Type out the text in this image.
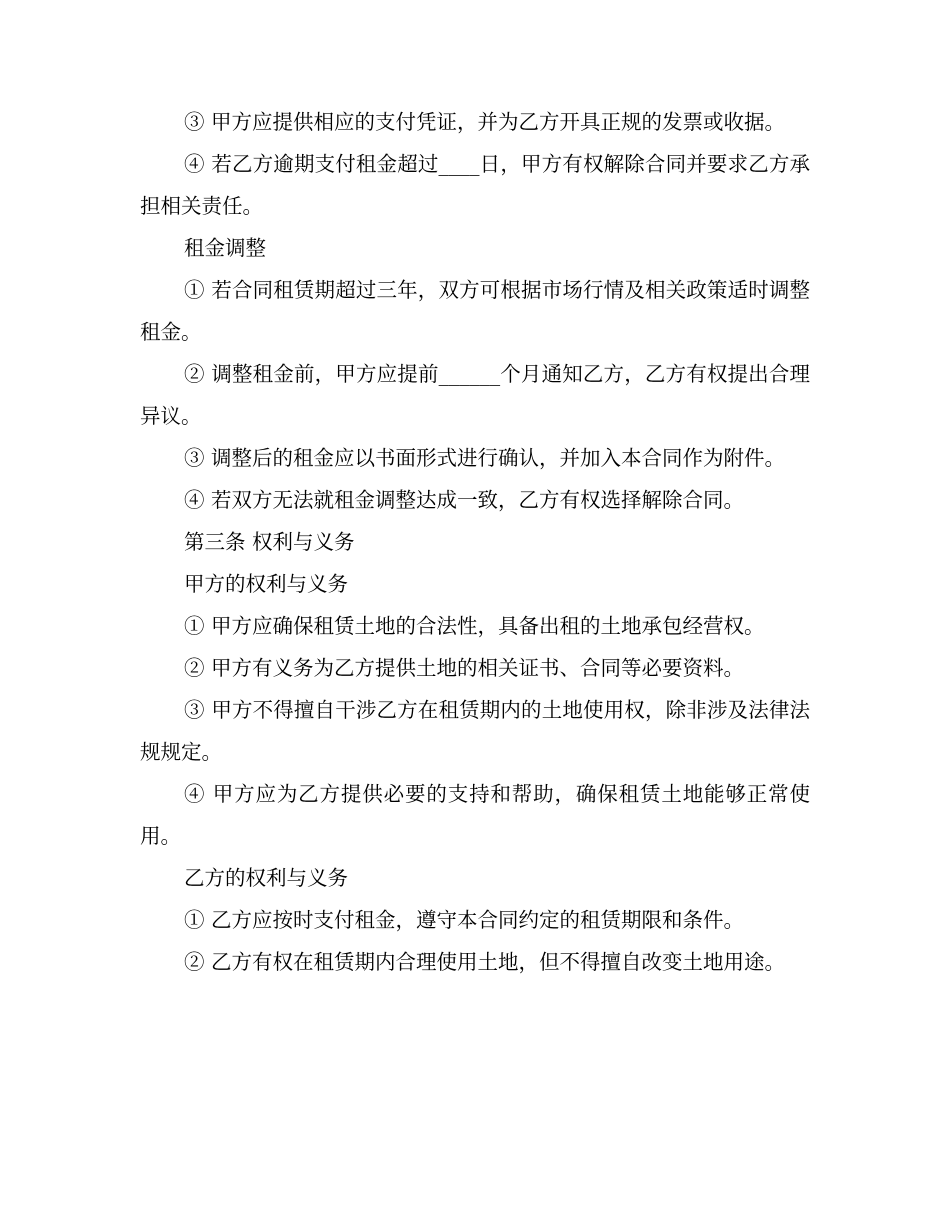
③ 甲方应提供相应的支付凭证，并为乙方开具正规的发票或收据。

④ 若乙方逾期支付租金超过____日，甲方有权解除合同并要求乙方承担相关责任。

租金调整

① 若合同租赁期超过三年，双方可根据市场行情及相关政策适时调整租金。

② 调整租金前，甲方应提前______个月通知乙方，乙方有权提出合理异议。

③ 调整后的租金应以书面形式进行确认，并加入本合同作为附件。

④ 若双方无法就租金调整达成一致，乙方有权选择解除合同。

第三条 权利与义务

甲方的权利与义务

① 甲方应确保租赁土地的合法性，具备出租的土地承包经营权。

② 甲方有义务为乙方提供土地的相关证书、合同等必要资料。

③ 甲方不得擅自干涉乙方在租赁期内的土地使用权，除非涉及法律法规规定。

④ 甲方应为乙方提供必要的支持和帮助，确保租赁土地能够正常使用。

乙方的权利与义务

① 乙方应按时支付租金，遵守本合同约定的租赁期限和条件。

② 乙方有权在租赁期内合理使用土地，但不得擅自改变土地用途。
